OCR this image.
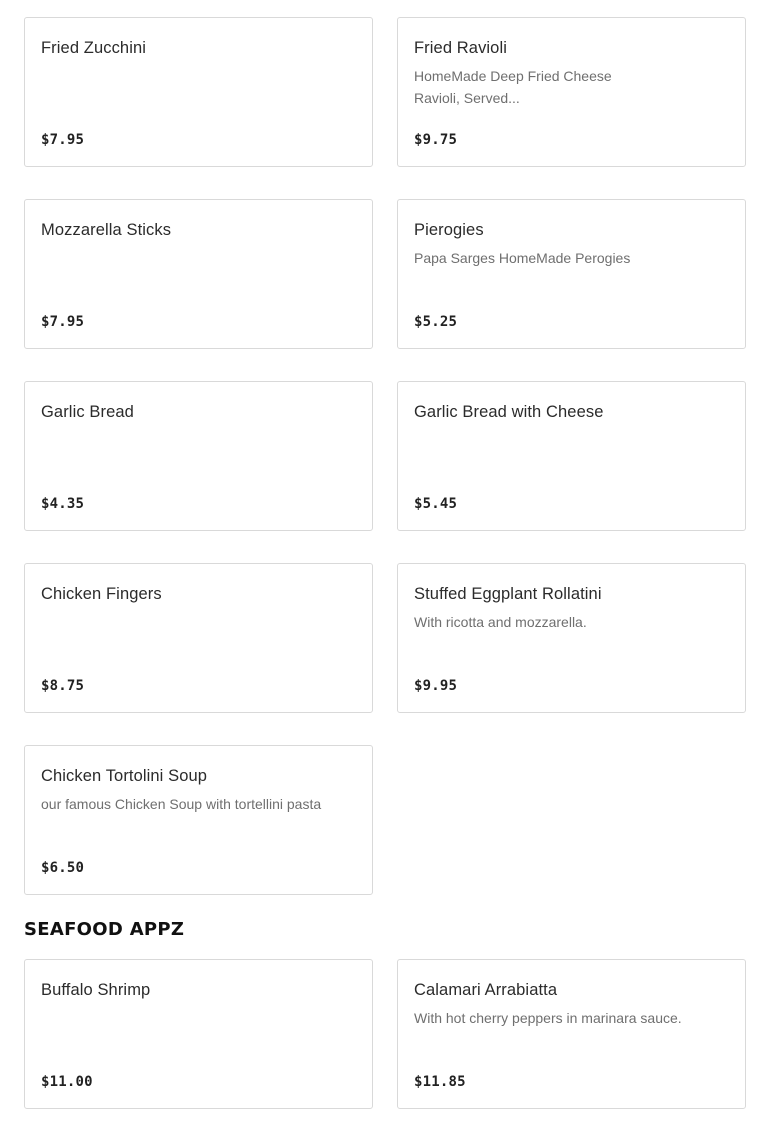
Fried Zucchini
$7.95
Fried Ravioli
HomeMade Deep Fried Cheese Ravioli, Served...
$9.75
Mozzarella Sticks
$7.95
Pierogies
Papa Sarges HomeMade Perogies
$5.25
Garlic Bread
$4.35
Garlic Bread with Cheese
$5.45
Chicken Fingers
$8.75
Stuffed Eggplant Rollatini
With ricotta and mozzarella.
$9.95
Chicken Tortolini Soup
our famous Chicken Soup with tortellini pasta
$6.50
SEAFOOD APPZ
Buffalo Shrimp
$11.00
Calamari Arrabiatta
With hot cherry peppers in marinara sauce.
$11.85
